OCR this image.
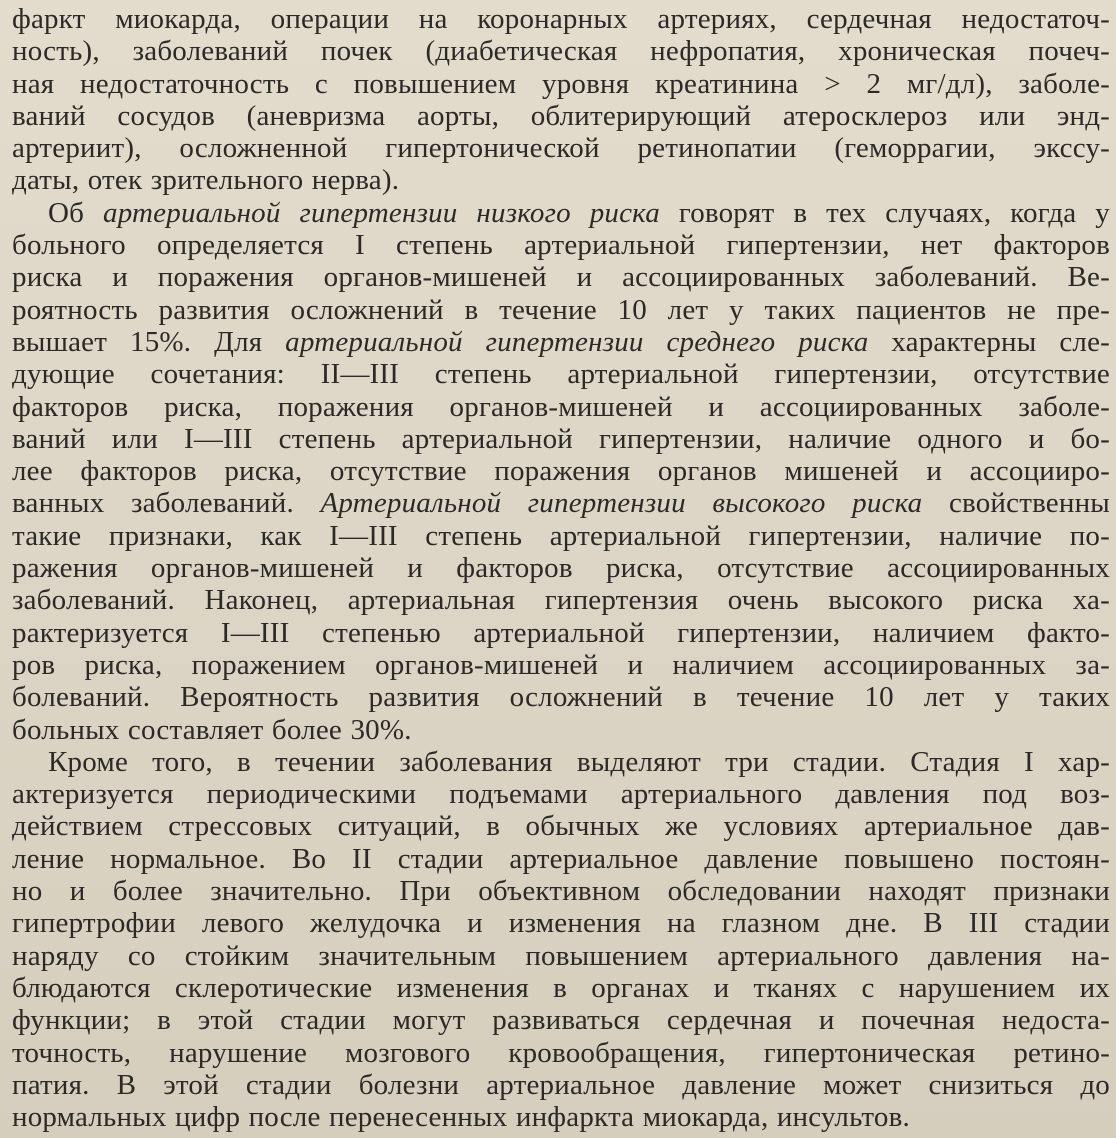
фаркт миокарда, операции на коронарных артериях, сердечная недостаточ-
ность), заболеваний почек (диабетическая нефропатия, хроническая почеч-
ная недостаточность с повышением уровня креатинина > 2 мг/дл), заболе-
ваний сосудов (аневризма аорты, облитерирующий атеросклероз или энд-
артериит), осложненной гипертонической ретинопатии (геморрагии, экссу-
даты, отек зрительного нерва).
Об артериальной гипертензии низкого риска говорят в тех случаях, когда у
больного определяется I степень артериальной гипертензии, нет факторов
риска и поражения органов-мишеней и ассоциированных заболеваний. Ве-
роятность развития осложнений в течение 10 лет у таких пациентов не пре-
вышает 15%. Для артериальной гипертензии среднего риска характерны сле-
дующие сочетания: II—III степень артериальной гипертензии, отсутствие
факторов риска, поражения органов-мишеней и ассоциированных заболе-
ваний или I—III степень артериальной гипертензии, наличие одного и бо-
лее факторов риска, отсутствие поражения органов мишеней и ассоцииро-
ванных заболеваний. Артериальной гипертензии высокого риска свойственны
такие признаки, как I—III степень артериальной гипертензии, наличие по-
ражения органов-мишеней и факторов риска, отсутствие ассоциированных
заболеваний. Наконец, артериальная гипертензия очень высокого риска ха-
рактеризуется I—III степенью артериальной гипертензии, наличием факто-
ров риска, поражением органов-мишеней и наличием ассоциированных за-
болеваний. Вероятность развития осложнений в течение 10 лет у таких
больных составляет более 30%.
Кроме того, в течении заболевания выделяют три стадии. Стадия I хар-
актеризуется периодическими подъемами артериального давления под воз-
действием стрессовых ситуаций, в обычных же условиях артериальное дав-
ление нормальное. Во II стадии артериальное давление повышено постоян-
но и более значительно. При объективном обследовании находят признаки
гипертрофии левого желудочка и изменения на глазном дне. В III стадии
наряду со стойким значительным повышением артериального давления на-
блюдаются склеротические изменения в органах и тканях с нарушением их
функции; в этой стадии могут развиваться сердечная и почечная недоста-
точность, нарушение мозгового кровообращения, гипертоническая ретино-
патия. В этой стадии болезни артериальное давление может снизиться до
нормальных цифр после перенесенных инфаркта миокарда, инсультов.
